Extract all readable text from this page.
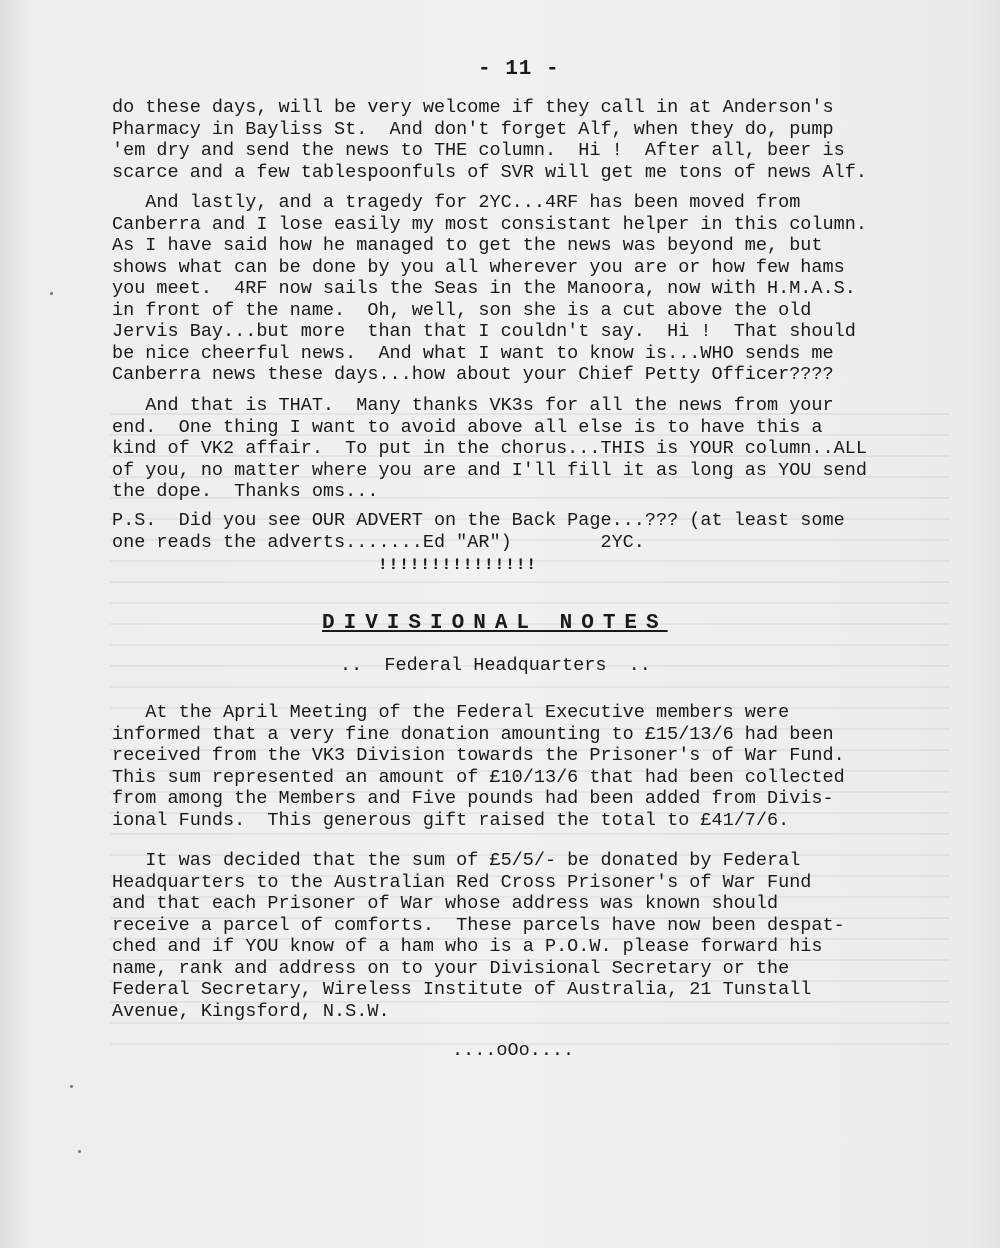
- 11 -
do these days, will be very welcome if they call in at Anderson's
Pharmacy in Bayliss St.  And don't forget Alf, when they do, pump
'em dry and send the news to THE column.  Hi !  After all, beer is
scarce and a few tablespoonfuls of SVR will get me tons of news Alf.
And lastly, and a tragedy for 2YC...4RF has been moved from
Canberra and I lose easily my most consistant helper in this column.
As I have said how he managed to get the news was beyond me, but
shows what can be done by you all wherever you are or how few hams
you meet.  4RF now sails the Seas in the Manoora, now with H.M.A.S.
in front of the name.  Oh, well, son she is a cut above the old
Jervis Bay...but more  than that I couldn't say.  Hi !  That should
be nice cheerful news.  And what I want to know is...WHO sends me
Canberra news these days...how about your Chief Petty Officer????
And that is THAT.  Many thanks VK3s for all the news from your
end.  One thing I want to avoid above all else is to have this a
kind of VK2 affair.  To put in the chorus...THIS is YOUR column..ALL
of you, no matter where you are and I'll fill it as long as YOU send
the dope.  Thanks oms...
P.S.  Did you see OUR ADVERT on the Back Page...??? (at least some
one reads the adverts.......Ed "AR")        2YC.
!!!!!!!!!!!!!!!
DIVISIONAL NOTES
..  Federal Headquarters  ..
At the April Meeting of the Federal Executive members were
informed that a very fine donation amounting to £15/13/6 had been
received from the VK3 Division towards the Prisoner's of War Fund.
This sum represented an amount of £10/13/6 that had been collected
from among the Members and Five pounds had been added from Divis-
ional Funds.  This generous gift raised the total to £41/7/6.
It was decided that the sum of £5/5/- be donated by Federal
Headquarters to the Australian Red Cross Prisoner's of War Fund
and that each Prisoner of War whose address was known should
receive a parcel of comforts.  These parcels have now been despat-
ched and if YOU know of a ham who is a P.O.W. please forward his
name, rank and address on to your Divisional Secretary or the
Federal Secretary, Wireless Institute of Australia, 21 Tunstall
Avenue, Kingsford, N.S.W.
....oOo....
